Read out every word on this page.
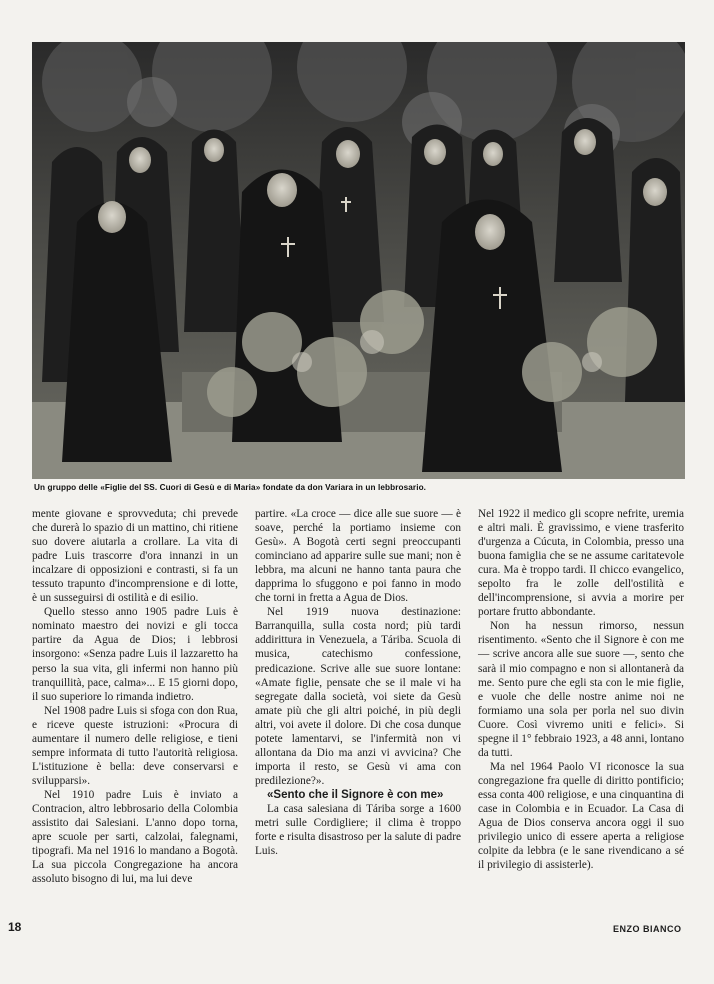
Un gruppo delle «Figlie del SS. Cuori di Gesù e di Maria» fondate da don Variara in un lebbrosario.

mente giovane e sprovveduta; chi prevede che durerà lo spazio di un mattino, chi ritiene suo dovere aiutarla a crollare. La vita di padre Luis trascorre d'ora innanzi in un incalzare di opposizioni e contrasti, si fa un tessuto trapunto d'incomprensione e di lotte, è un susseguirsi di ostilità e di esilio.

Quello stesso anno 1905 padre Luis è nominato maestro dei novizi e gli tocca partire da Agua de Dios; i lebbrosi insorgono: «Senza padre Luis il lazzaretto ha perso la sua vita, gli infermi non hanno più tranquillità, pace, calma»... E 15 giorni dopo, il suo superiore lo rimanda indietro.

Nel 1908 padre Luis si sfoga con don Rua, e riceve queste istruzioni: «Procura di aumentare il numero delle religiose, e tieni sempre informata di tutto l'autorità religiosa. L'istituzione è bella: deve conservarsi e svilupparsi».

Nel 1910 padre Luis è inviato a Contracion, altro lebbrosario della Colombia assistito dai Salesiani. L'anno dopo torna, apre scuole per sarti, calzolai, falegnami, tipografi. Ma nel 1916 lo mandano a Bogotà. La sua piccola Congregazione ha ancora assoluto bisogno di lui, ma lui deve

partire. «La croce — dice alle sue suore — è soave, perché la portiamo insieme con Gesù». A Bogotà certi segni preoccupanti cominciano ad apparire sulle sue mani; non è lebbra, ma alcuni ne hanno tanta paura che dapprima lo sfuggono e poi fanno in modo che torni in fretta a Agua de Dios.

Nel 1919 nuova destinazione: Barranquilla, sulla costa nord; più tardi addirittura in Venezuela, a Táriba. Scuola di musica, catechismo confessione, predicazione. Scrive alle sue suore lontane: «Amate figlie, pensate che se il male vi ha segregate dalla società, voi siete da Gesù amate più che gli altri poiché, in più degli altri, voi avete il dolore. Di che cosa dunque potete lamentarvi, se l'infermità non vi allontana da Dio ma anzi vi avvicina? Che importa il resto, se Gesù vi ama con predilezione?».

«Sento che il Signore è con me»

La casa salesiana di Táriba sorge a 1600 metri sulle Cordigliere; il clima è troppo forte e risulta disastroso per la salute di padre Luis.

Nel 1922 il medico gli scopre nefrite, uremia e altri mali. È gravissimo, e viene trasferito d'urgenza a Cúcuta, in Colombia, presso una buona famiglia che se ne assume caritatevole cura. Ma è troppo tardi. Il chicco evangelico, sepolto fra le zolle dell'ostilità e dell'incomprensione, si avvia a morire per portare frutto abbondante.

Non ha nessun rimorso, nessun risentimento. «Sento che il Signore è con me — scrive ancora alle sue suore —, sento che sarà il mio compagno e non si allontanerà da me. Sento pure che egli sta con le mie figlie, e vuole che delle nostre anime noi ne formiamo una sola per porla nel suo divin Cuore. Così vivremo uniti e felici». Si spegne il 1° febbraio 1923, a 48 anni, lontano da tutti.

Ma nel 1964 Paolo VI riconosce la sua congregazione fra quelle di diritto pontificio; essa conta 400 religiose, e una cinquantina di case in Colombia e in Ecuador. La Casa di Agua de Dios conserva ancora oggi il suo privilegio unico di essere aperta a religiose colpite da lebbra (e le sane rivendicano a sé il privilegio di assisterle).

18	ENZO BIANCO
